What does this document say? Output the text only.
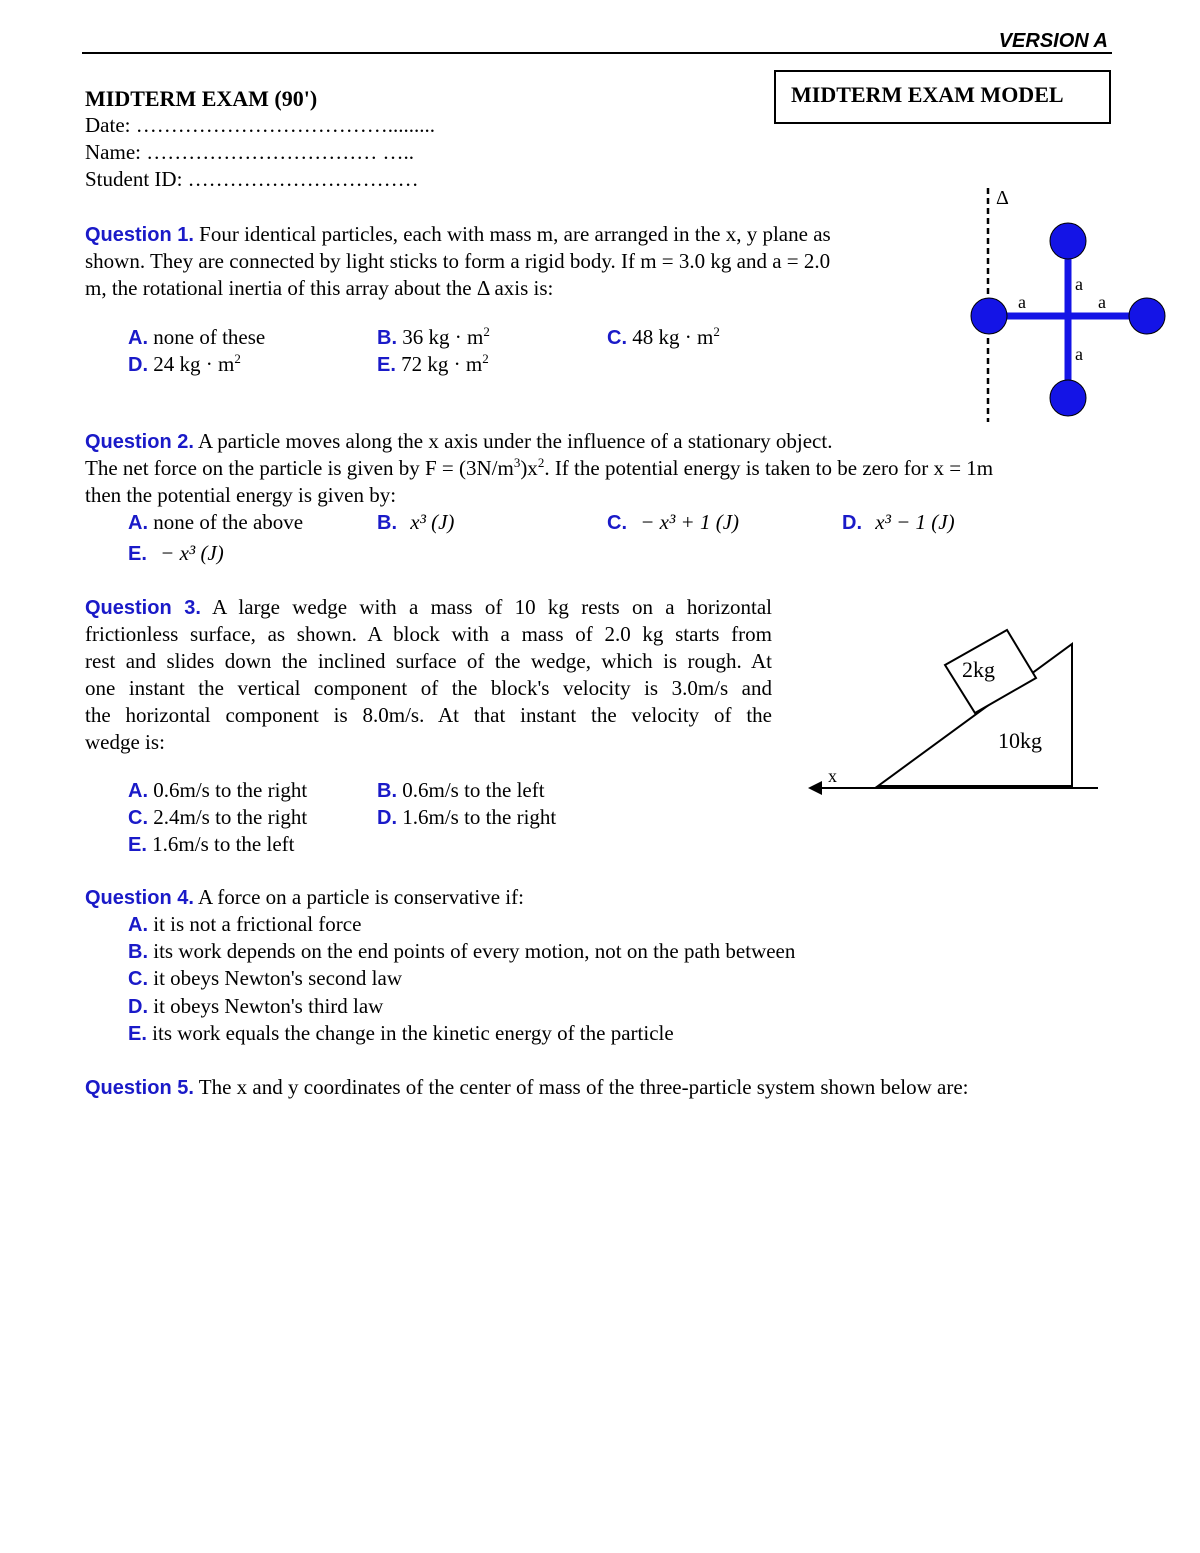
VERSION A
MIDTERM EXAM MODEL
MIDTERM EXAM (90')
Date: ……………………………….........
Name: …………………………… …..
Student ID: ……………………………
Question 1. Four identical particles, each with mass m, are arranged in the x, y plane as
shown. They are connected by light sticks to form a rigid body. If m = 3.0 kg and a = 2.0
m, the rotational inertia of this array about the Δ axis is:
A. none of these	B. 36 kg · $m^2$	C. 48 kg · $m^2$
D. 24 kg · $m^2$	E. 72 kg · $m^2$
Δ
a
a	a
a
Question 2. A particle moves along the x axis under the influence of a stationary object.
The net force on the particle is given by $F = (3N/m^3)x^2$. If the potential energy is taken to be zero for x = 1m
then the potential energy is given by:
A. none of the above	B. x³ (J)	C. − x³ + 1 (J)	D. x³ − 1 (J)
E. − x³ (J)
Question 3. A large wedge with a mass of 10 kg rests on a horizontal
frictionless surface, as shown. A block with a mass of 2.0 kg starts from
rest and slides down the inclined surface of the wedge, which is rough. At
one instant the vertical component of the block's velocity is 3.0m/s and
the horizontal component is 8.0m/s. At that instant the velocity of the
wedge is:
A. 0.6m/s to the right	B. 0.6m/s to the left
C. 2.4m/s to the right	D. 1.6m/s to the right
E. 1.6m/s to the left
x
2kg
10kg
Question 4. A force on a particle is conservative if:
A. it is not a frictional force
B. its work depends on the end points of every motion, not on the path between
C. it obeys Newton's second law
D. it obeys Newton's third law
E. its work equals the change in the kinetic energy of the particle
Question 5. The x and y coordinates of the center of mass of the three-particle system shown below are:
